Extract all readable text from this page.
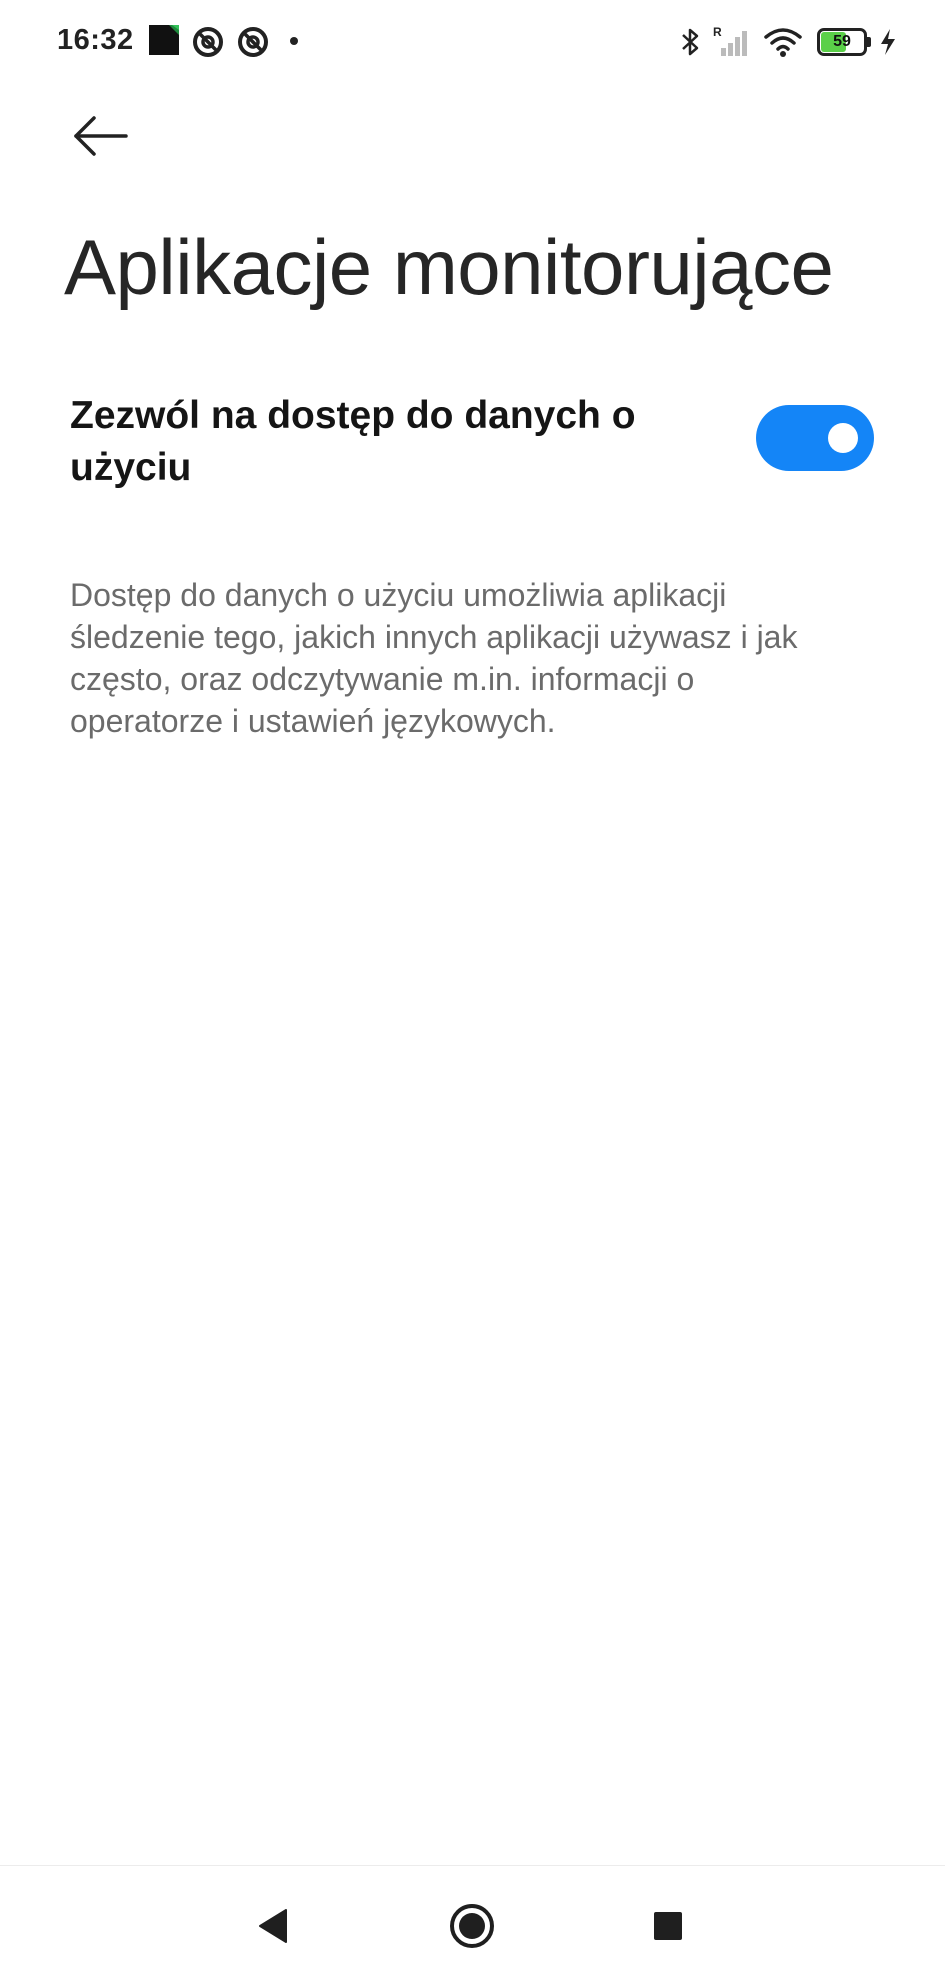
16:32	R
59
Aplikacje monitorujące
Zezwól na dostęp do danych o użyciu

Dostęp do danych o użyciu umożliwia aplikacji śledzenie tego, jakich innych aplikacji używasz i jak często, oraz odczytywanie m.in. informacji o operatorze i ustawień językowych.
